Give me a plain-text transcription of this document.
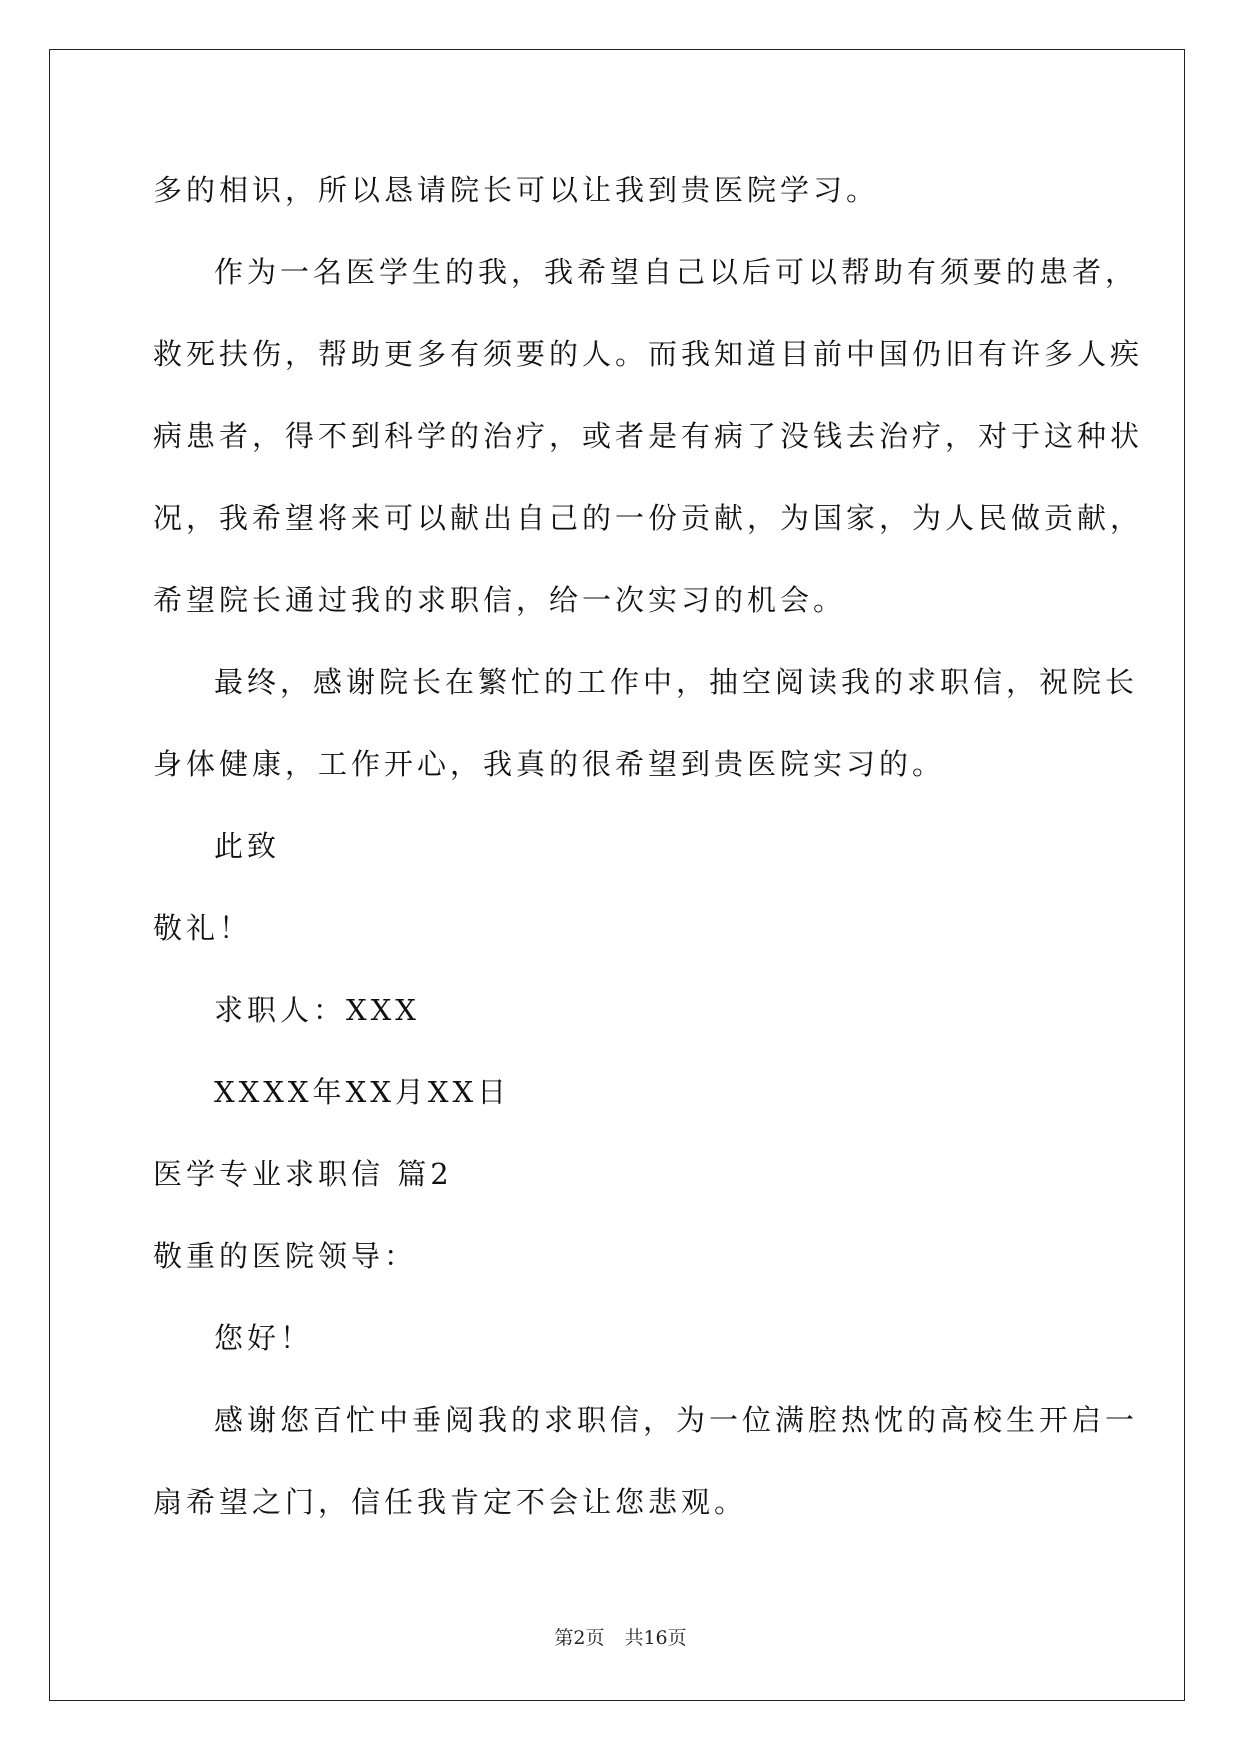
多的相识，所以恳请院长可以让我到贵医院学习。
作为一名医学生的我，我希望自己以后可以帮助有须要的患者，
救死扶伤，帮助更多有须要的人。而我知道目前中国仍旧有许多人疾
病患者，得不到科学的治疗，或者是有病了没钱去治疗，对于这种状
况，我希望将来可以献出自己的一份贡献，为国家，为人民做贡献，
希望院长通过我的求职信，给一次实习的机会。
最终，感谢院长在繁忙的工作中，抽空阅读我的求职信，祝院长
身体健康，工作开心，我真的很希望到贵医院实习的。
此致
敬礼！
求职人：XXX
XXXX年XX月XX日
医学专业求职信 篇2
敬重的医院领导：
您好！
感谢您百忙中垂阅我的求职信，为一位满腔热忱的高校生开启一
扇希望之门，信任我肯定不会让您悲观。
第2页 共16页
